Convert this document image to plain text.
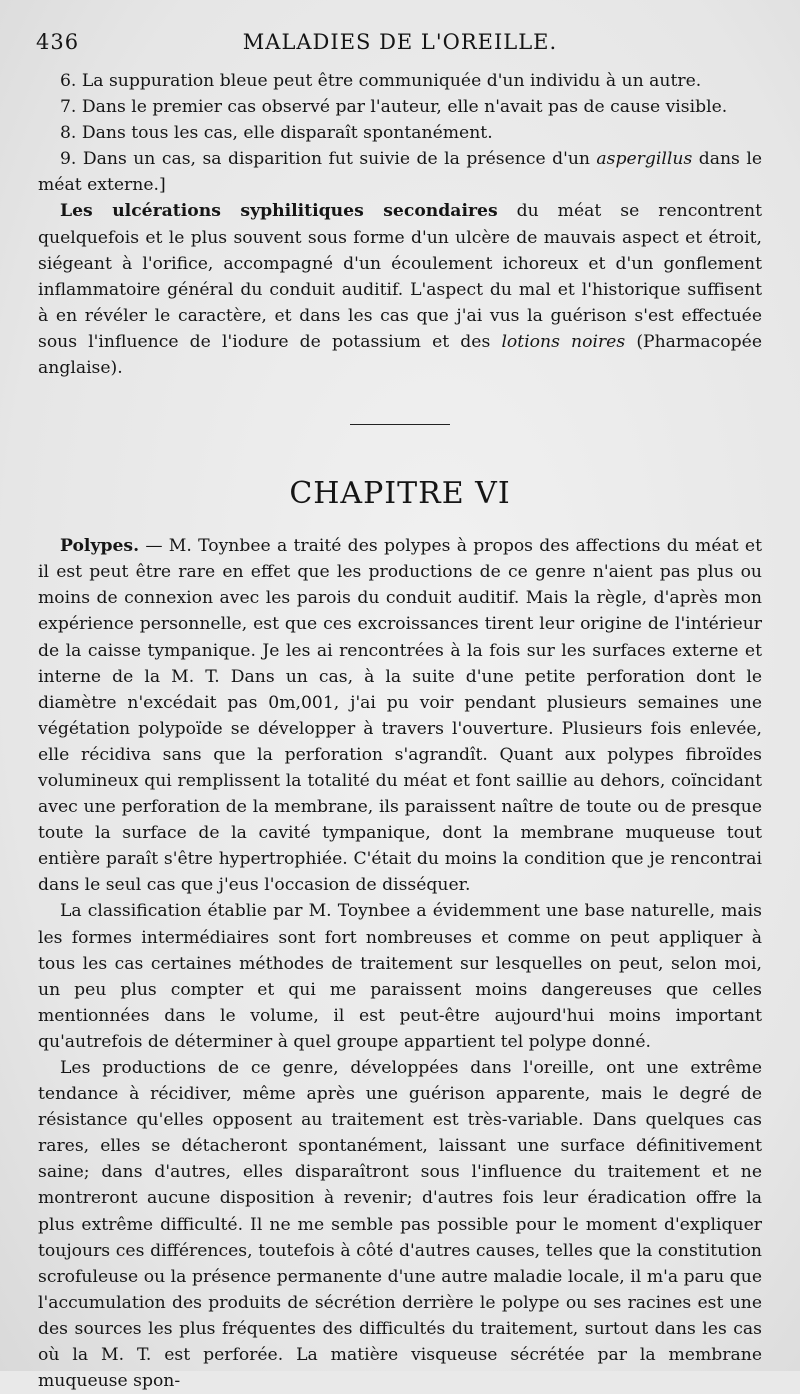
436	MALADIES DE L'OREILLE.

6. La suppuration bleue peut être communiquée d'un individu à un autre.

7. Dans le premier cas observé par l'auteur, elle n'avait pas de cause visible.

8. Dans tous les cas, elle disparaît spontanément.

9. Dans un cas, sa disparition fut suivie de la présence d'un aspergillus dans le méat externe.]

Les ulcérations syphilitiques secondaires du méat se rencontrent quelquefois et le plus souvent sous forme d'un ulcère de mauvais aspect et étroit, siégeant à l'orifice, accompagné d'un écoulement ichoreux et d'un gonflement inflammatoire général du conduit auditif. L'aspect du mal et l'historique suffisent à en révéler le caractère, et dans les cas que j'ai vus la guérison s'est effectuée sous l'influence de l'iodure de potassium et des lotions noires (Pharmacopée anglaise).

CHAPITRE VI

Polypes. — M. Toynbee a traité des polypes à propos des affections du méat et il est peut être rare en effet que les productions de ce genre n'aient pas plus ou moins de connexion avec les parois du conduit auditif. Mais la règle, d'après mon expérience personnelle, est que ces excroissances tirent leur origine de l'intérieur de la caisse tympanique. Je les ai rencontrées à la fois sur les surfaces externe et interne de la M. T. Dans un cas, à la suite d'une petite perforation dont le diamètre n'excédait pas 0m,001, j'ai pu voir pendant plusieurs semaines une végétation polypoïde se développer à travers l'ouverture. Plusieurs fois enlevée, elle récidiva sans que la perforation s'agrandît. Quant aux polypes fibroïdes volumineux qui remplissent la totalité du méat et font saillie au dehors, coïncidant avec une perforation de la membrane, ils paraissent naître de toute ou de presque toute la surface de la cavité tympanique, dont la membrane muqueuse tout entière paraît s'être hypertrophiée. C'était du moins la condition que je rencontrai dans le seul cas que j'eus l'occasion de disséquer.

La classification établie par M. Toynbee a évidemment une base naturelle, mais les formes intermédiaires sont fort nombreuses et comme on peut appliquer à tous les cas certaines méthodes de traitement sur lesquelles on peut, selon moi, un peu plus compter et qui me paraissent moins dangereuses que celles mentionnées dans le volume, il est peut-être aujourd'hui moins important qu'autrefois de déterminer à quel groupe appartient tel polype donné.

Les productions de ce genre, développées dans l'oreille, ont une extrême tendance à récidiver, même après une guérison apparente, mais le degré de résistance qu'elles opposent au traitement est très-variable. Dans quelques cas rares, elles se détacheront spontanément, laissant une surface définitivement saine; dans d'autres, elles disparaîtront sous l'influence du traitement et ne montreront aucune disposition à revenir; d'autres fois leur éradication offre la plus extrême difficulté. Il ne me semble pas possible pour le moment d'expliquer toujours ces différences, toutefois à côté d'autres causes, telles que la constitution scrofuleuse ou la présence permanente d'une autre maladie locale, il m'a paru que l'accumulation des produits de sécrétion derrière le polype ou ses racines est une des sources les plus fréquentes des difficultés du traitement, surtout dans les cas où la M. T. est perforée. La matière visqueuse sécrétée par la membrane muqueuse spon-
